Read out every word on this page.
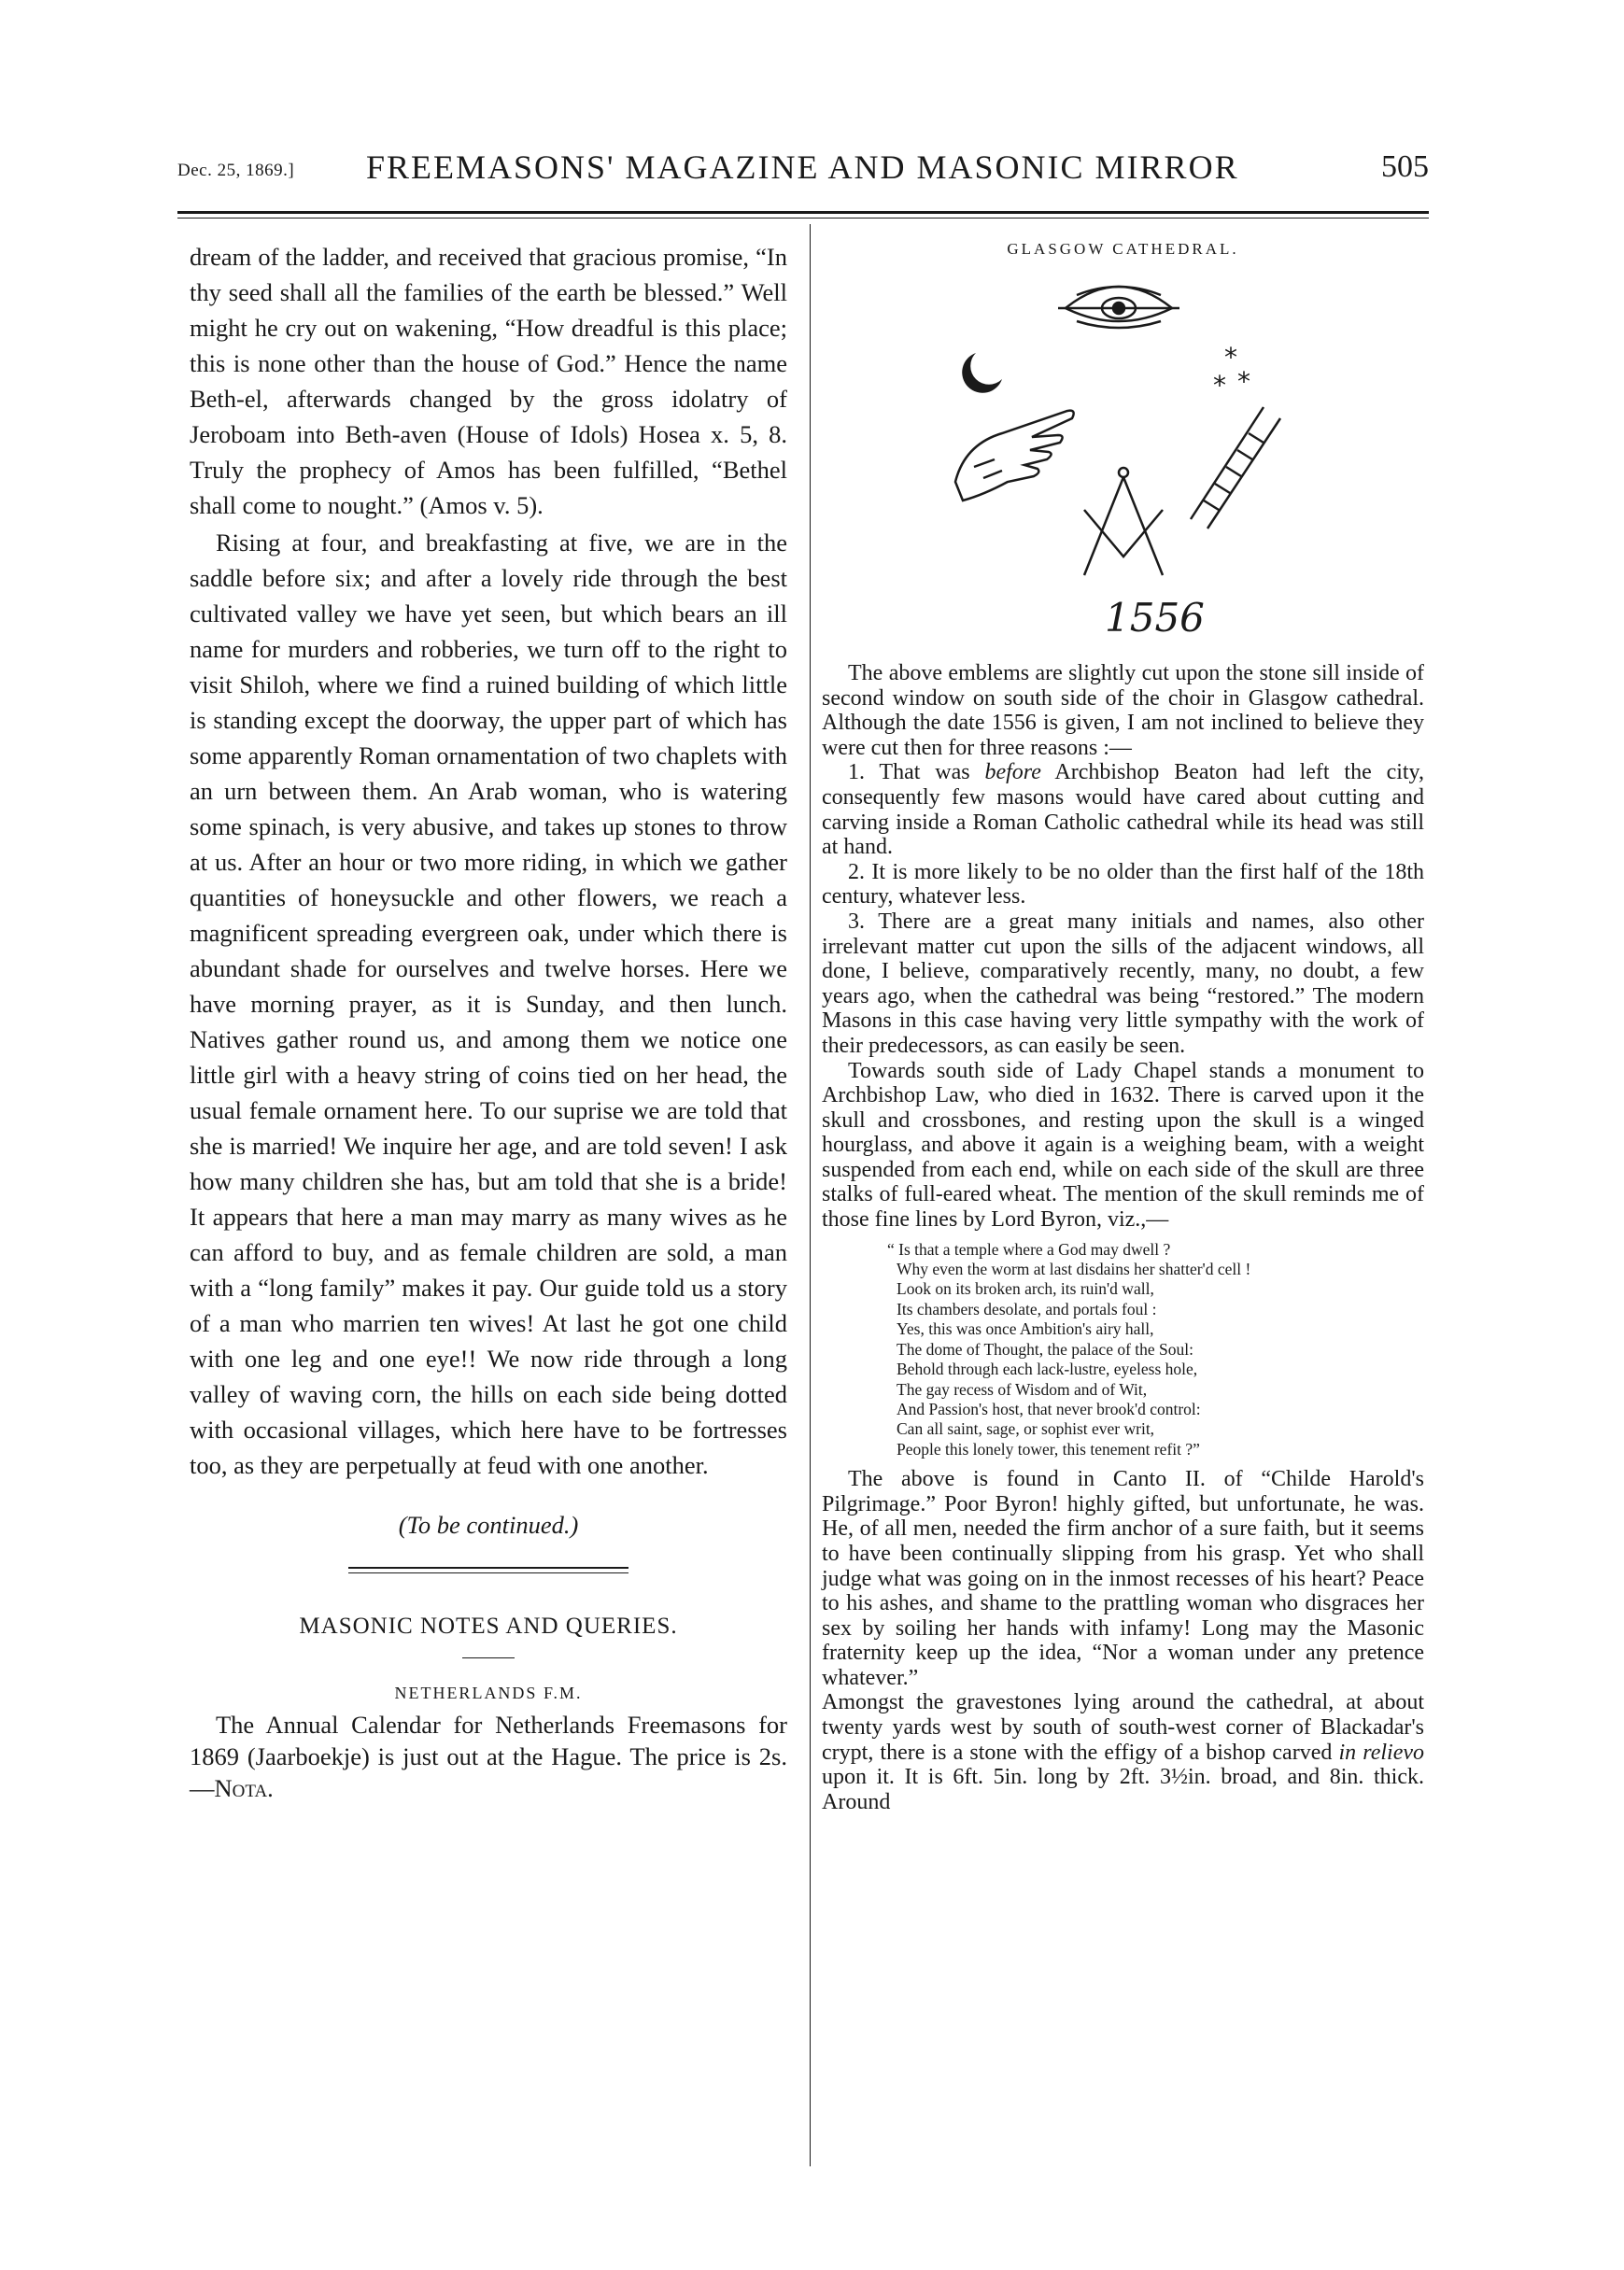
Dec. 25, 1869.] FREEMASONS' MAGAZINE AND MASONIC MIRROR	505

dream of the ladder, and received that gracious promise, “In thy seed shall all the families of the earth be blessed.” Well might he cry out on wakening, “How dreadful is this place; this is none other than the house of God.” Hence the name Beth-el, afterwards changed by the gross idolatry of Jeroboam into Beth-aven (House of Idols) Hosea x. 5, 8. Truly the prophecy of Amos has been fulfilled, “Bethel shall come to nought.” (Amos v. 5).

Rising at four, and breakfasting at five, we are in the saddle before six; and after a lovely ride through the best cultivated valley we have yet seen, but which bears an ill name for murders and robberies, we turn off to the right to visit Shiloh, where we find a ruined building of which little is standing except the doorway, the upper part of which has some apparently Roman ornamentation of two chaplets with an urn between them. An Arab woman, who is watering some spinach, is very abusive, and takes up stones to throw at us. After an hour or two more riding, in which we gather quantities of honeysuckle and other flowers, we reach a magnificent spreading evergreen oak, under which there is abundant shade for ourselves and twelve horses. Here we have morning prayer, as it is Sunday, and then lunch. Natives gather round us, and among them we notice one little girl with a heavy string of coins tied on her head, the usual female ornament here. To our suprise we are told that she is married! We inquire her age, and are told seven! I ask how many children she has, but am told that she is a bride! It appears that here a man may marry as many wives as he can afford to buy, and as female children are sold, a man with a “long family” makes it pay. Our guide told us a story of a man who marrien ten wives! At last he got one child with one leg and one eye!! We now ride through a long valley of waving corn, the hills on each side being dotted with occasional villages, which here have to be fortresses too, as they are perpetually at feud with one another.

(To be continued.)

MASONIC NOTES AND QUERIES.
NETHERLANDS F.M.

The Annual Calendar for Netherlands Freemasons for 1869 (Jaarboekje) is just out at the Hague. The price is 2s.—Nota.

GLASGOW CATHEDRAL.
*
* *
1556

The above emblems are slightly cut upon the stone sill inside of second window on south side of the choir in Glasgow cathedral. Although the date 1556 is given, I am not inclined to believe they were cut then for three reasons :—

1. That was before Archbishop Beaton had left the city, consequently few masons would have cared about cutting and carving inside a Roman Catholic cathedral while its head was still at hand.

2. It is more likely to be no older than the first half of the 18th century, whatever less.

3. There are a great many initials and names, also other irrelevant matter cut upon the sills of the adjacent windows, all done, I believe, comparatively recently, many, no doubt, a few years ago, when the cathedral was being “restored.” The modern Masons in this case having very little sympathy with the work of their predecessors, as can easily be seen.

Towards south side of Lady Chapel stands a monument to Archbishop Law, who died in 1632. There is carved upon it the skull and crossbones, and resting upon the skull is a winged hourglass, and above it again is a weighing beam, with a weight suspended from each end, while on each side of the skull are three stalks of full-eared wheat. The mention of the skull reminds me of those fine lines by Lord Byron, viz.,—

“ Is that a temple where a God may dwell ?
Why even the worm at last disdains her shatter'd cell !
Look on its broken arch, its ruin'd wall,
Its chambers desolate, and portals foul :
Yes, this was once Ambition's airy hall,
The dome of Thought, the palace of the Soul:
Behold through each lack-lustre, eyeless hole,
The gay recess of Wisdom and of Wit,
And Passion's host, that never brook'd control:
Can all saint, sage, or sophist ever writ,
People this lonely tower, this tenement refit ?”

The above is found in Canto II. of “Childe Harold's Pilgrimage.” Poor Byron! highly gifted, but unfortunate, he was. He, of all men, needed the firm anchor of a sure faith, but it seems to have been continually slipping from his grasp. Yet who shall judge what was going on in the inmost recesses of his heart? Peace to his ashes, and shame to the prattling woman who disgraces her sex by soiling her hands with infamy! Long may the Masonic fraternity keep up the idea, “Nor a woman under any pretence whatever.”

Amongst the gravestones lying around the cathedral, at about twenty yards west by south of south-west corner of Blackadar's crypt, there is a stone with the effigy of a bishop carved in relievo upon it. It is 6ft. 5in. long by 2ft. 3½in. broad, and 8in. thick. Around
